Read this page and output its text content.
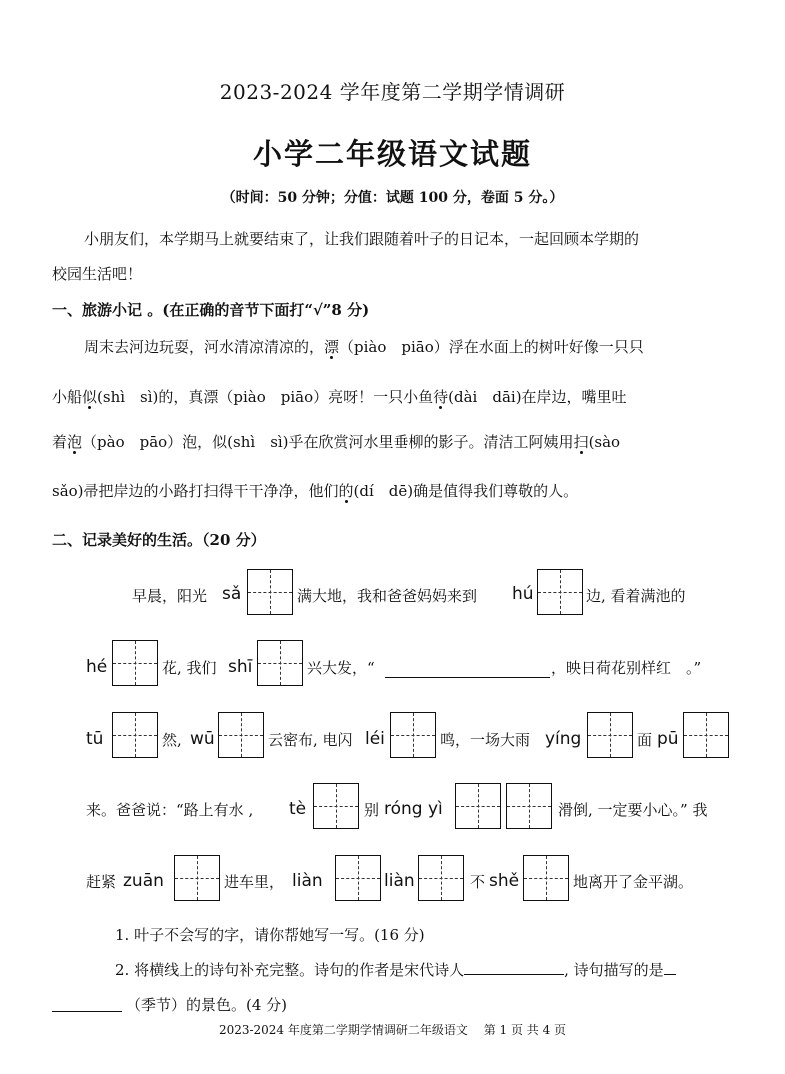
2023-2024 学年度第二学期学情调研
小学二年级语文试题
（时间：50 分钟；分值：试题 100 分，卷面 5 分。）
小朋友们，本学期马上就要结束了，让我们跟随着叶子的日记本，一起回顾本学期的
校园生活吧！
一、旅游小记 。(在正确的音节下面打“√”8 分)
周末去河边玩耍，河水清凉清凉的，漂（piào　piāo）浮在水面上的树叶好像一只只
小船似(shì　sì)的，真漂（piào　piāo）亮呀！一只小鱼待(dài　dāi)在岸边，嘴里吐
着泡（pào　pāo）泡，似(shì　sì)乎在欣赏河水里垂柳的影子。清洁工阿姨用扫(sào
sǎo)帚把岸边的小路打扫得干干净净，他们的(dí　dē)确是值得我们尊敬的人。
二、记录美好的生活。（20 分）
早晨，阳光 sǎ	满大地，我和爸爸妈妈来到 hú	边, 看着满池的
hé	花, 我们 shī	兴大发，“	，映日荷花别样红　。”
tū	然, wū	云密布, 电闪 léi	鸣，一场大雨 yíng	面 pū
来。爸爸说：“路上有水 , tè	别 róng yì	滑倒, 一定要小心。” 我
赶紧 zuān	进车里， liàn	liàn	不 shě	地离开了金平湖。
1. 叶子不会写的字，请你帮她写一写。(16 分)
2. 将横线上的诗句补充完整。诗句的作者是宋代诗人	, 诗句描写的是
（季节）的景色。(4 分)
2023-2024 年度第二学期学情调研二年级语文　 第 1 页 共 4 页
